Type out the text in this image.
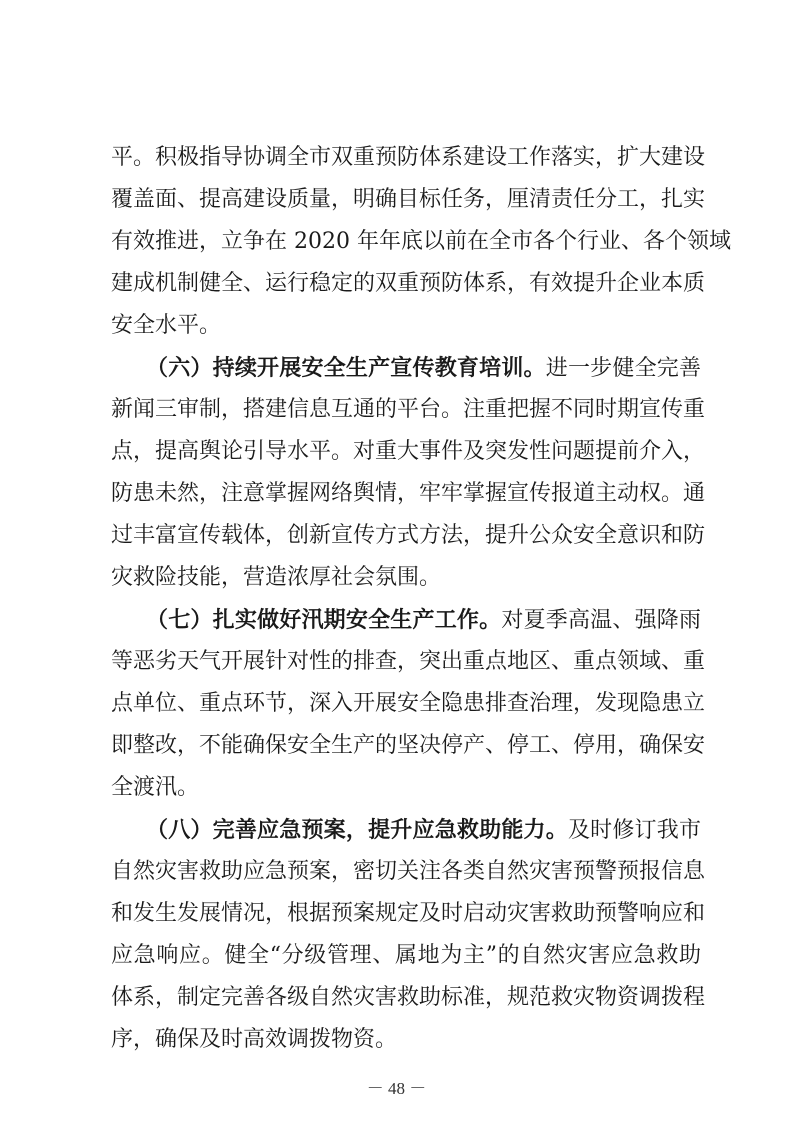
平。积极指导协调全市双重预防体系建设工作落实，扩大建设
覆盖面、提高建设质量，明确目标任务，厘清责任分工，扎实
有效推进，立争在 2020 年年底以前在全市各个行业、各个领域
建成机制健全、运行稳定的双重预防体系，有效提升企业本质
安全水平。
（六）持续开展安全生产宣传教育培训。进一步健全完善
新闻三审制，搭建信息互通的平台。注重把握不同时期宣传重
点，提高舆论引导水平。对重大事件及突发性问题提前介入，
防患未然，注意掌握网络舆情，牢牢掌握宣传报道主动权。通
过丰富宣传载体，创新宣传方式方法，提升公众安全意识和防
灾救险技能，营造浓厚社会氛围。
（七）扎实做好汛期安全生产工作。对夏季高温、强降雨
等恶劣天气开展针对性的排查，突出重点地区、重点领域、重
点单位、重点环节，深入开展安全隐患排查治理，发现隐患立
即整改，不能确保安全生产的坚决停产、停工、停用，确保安
全渡汛。
（八）完善应急预案，提升应急救助能力。及时修订我市
自然灾害救助应急预案，密切关注各类自然灾害预警预报信息
和发生发展情况，根据预案规定及时启动灾害救助预警响应和
应急响应。健全“分级管理、属地为主”的自然灾害应急救助
体系，制定完善各级自然灾害救助标准，规范救灾物资调拨程
序，确保及时高效调拨物资。
－ 48 －
